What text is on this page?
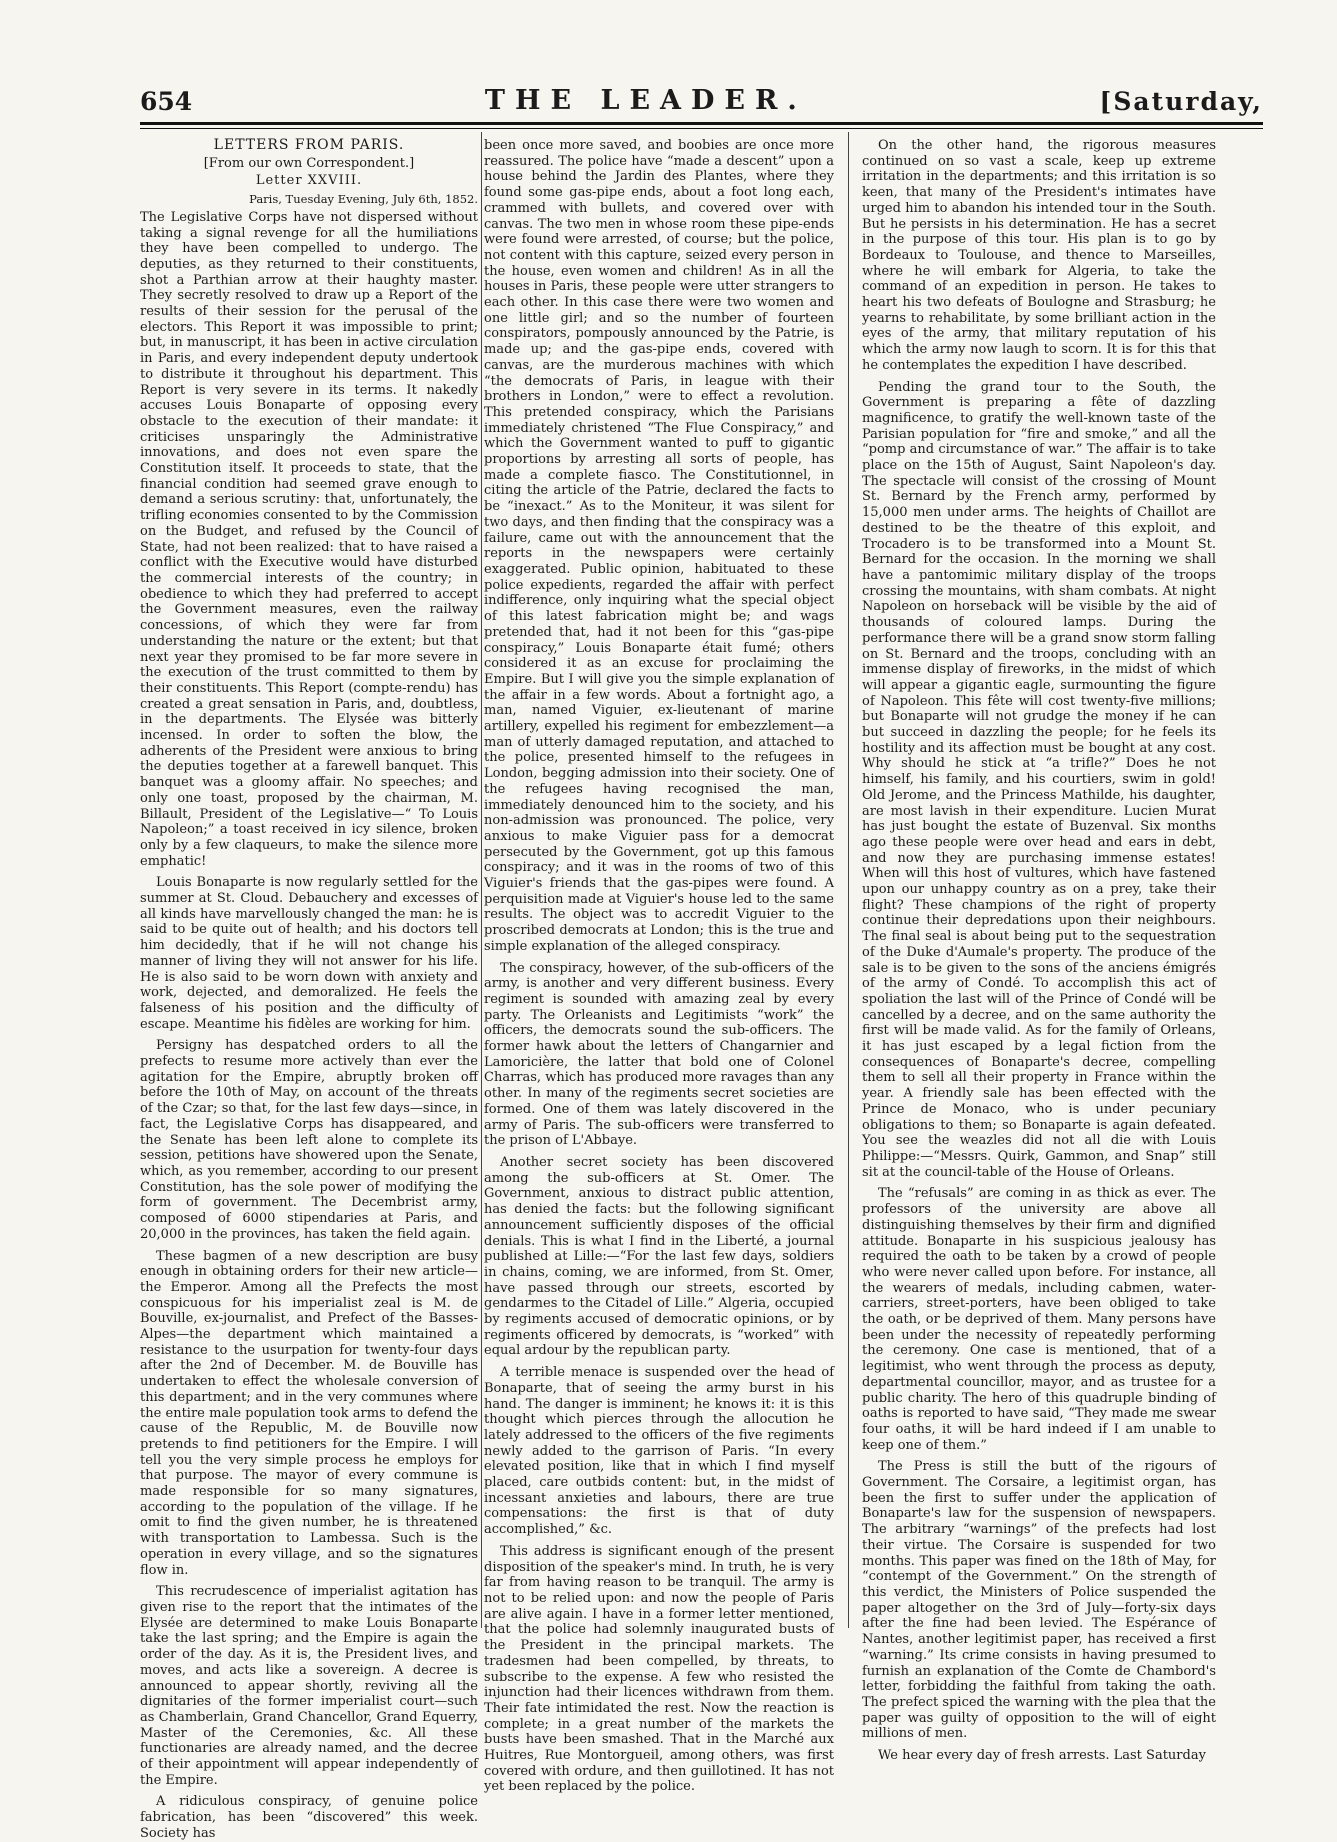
654	THE LEADER.	[Saturday,
LETTERS FROM PARIS.
[From our own Correspondent.]
Letter XXVIII.
Paris, Tuesday Evening, July 6th, 1852.

The Legislative Corps have not dispersed without taking a signal revenge for all the humiliations they have been compelled to undergo. The deputies, as they returned to their constituents, shot a Parthian arrow at their haughty master. They secretly resolved to draw up a Report of the results of their session for the perusal of the electors. This Report it was impossible to print; but, in manuscript, it has been in active circulation in Paris, and every independent deputy undertook to distribute it throughout his department. This Report is very severe in its terms. It nakedly accuses Louis Bonaparte of opposing every obstacle to the execution of their mandate: it criticises unsparingly the Administrative innovations, and does not even spare the Constitution itself. It proceeds to state, that the financial condition had seemed grave enough to demand a serious scrutiny: that, unfortunately, the trifling economies consented to by the Commission on the Budget, and refused by the Council of State, had not been realized: that to have raised a conflict with the Executive would have disturbed the commercial interests of the country; in obedience to which they had preferred to accept the Government measures, even the railway concessions, of which they were far from understanding the nature or the extent; but that next year they promised to be far more severe in the execution of the trust committed to them by their constituents. This Report (compte-rendu) has created a great sensation in Paris, and, doubtless, in the departments. The Elysée was bitterly incensed. In order to soften the blow, the adherents of the President were anxious to bring the deputies together at a farewell banquet. This banquet was a gloomy affair. No speeches; and only one toast, proposed by the chairman, M. Billault, President of the Legislative—“ To Louis Napoleon;” a toast received in icy silence, broken only by a few claqueurs, to make the silence more emphatic!

Louis Bonaparte is now regularly settled for the summer at St. Cloud. Debauchery and excesses of all kinds have marvellously changed the man: he is said to be quite out of health; and his doctors tell him decidedly, that if he will not change his manner of living they will not answer for his life. He is also said to be worn down with anxiety and work, dejected, and demoralized. He feels the falseness of his position and the difficulty of escape. Meantime his fidèles are working for him.

Persigny has despatched orders to all the prefects to resume more actively than ever the agitation for the Empire, abruptly broken off before the 10th of May, on account of the threats of the Czar; so that, for the last few days—since, in fact, the Legislative Corps has disappeared, and the Senate has been left alone to complete its session, petitions have showered upon the Senate, which, as you remember, according to our present Constitution, has the sole power of modifying the form of government. The Decembrist army, composed of 6000 stipendaries at Paris, and 20,000 in the provinces, has taken the field again.

These bagmen of a new description are busy enough in obtaining orders for their new article—the Emperor. Among all the Prefects the most conspicuous for his imperialist zeal is M. de Bouville, ex-journalist, and Prefect of the Basses-Alpes—the department which maintained a resistance to the usurpation for twenty-four days after the 2nd of December. M. de Bouville has undertaken to effect the wholesale conversion of this department; and in the very communes where the entire male population took arms to defend the cause of the Republic, M. de Bouville now pretends to find petitioners for the Empire. I will tell you the very simple process he employs for that purpose. The mayor of every commune is made responsible for so many signatures, according to the population of the village. If he omit to find the given number, he is threatened with transportation to Lambessa. Such is the operation in every village, and so the signatures flow in.

This recrudescence of imperialist agitation has given rise to the report that the intimates of the Elysée are determined to make Louis Bonaparte take the last spring; and the Empire is again the order of the day. As it is, the President lives, and moves, and acts like a sovereign. A decree is announced to appear shortly, reviving all the dignitaries of the former imperialist court—such as Chamberlain, Grand Chancellor, Grand Equerry, Master of the Ceremonies, &c. All these functionaries are already named, and the decree of their appointment will appear independently of the Empire.

A ridiculous conspiracy, of genuine police fabrication, has been “discovered” this week. Society has

been once more saved, and boobies are once more reassured. The police have “made a descent” upon a house behind the Jardin des Plantes, where they found some gas-pipe ends, about a foot long each, crammed with bullets, and covered over with canvas. The two men in whose room these pipe-ends were found were arrested, of course; but the police, not content with this capture, seized every person in the house, even women and children! As in all the houses in Paris, these people were utter strangers to each other. In this case there were two women and one little girl; and so the number of fourteen conspirators, pompously announced by the Patrie, is made up; and the gas-pipe ends, covered with canvas, are the murderous machines with which “the democrats of Paris, in league with their brothers in London,” were to effect a revolution. This pretended conspiracy, which the Parisians immediately christened “The Flue Conspiracy,” and which the Government wanted to puff to gigantic proportions by arresting all sorts of people, has made a complete fiasco. The Constitutionnel, in citing the article of the Patrie, declared the facts to be “inexact.” As to the Moniteur, it was silent for two days, and then finding that the conspiracy was a failure, came out with the announcement that the reports in the newspapers were certainly exaggerated. Public opinion, habituated to these police expedients, regarded the affair with perfect indifference, only inquiring what the special object of this latest fabrication might be; and wags pretended that, had it not been for this “gas-pipe conspiracy,” Louis Bonaparte était fumé; others considered it as an excuse for proclaiming the Empire. But I will give you the simple explanation of the affair in a few words. About a fortnight ago, a man, named Viguier, ex-lieutenant of marine artillery, expelled his regiment for embezzlement—a man of utterly damaged reputation, and attached to the police, presented himself to the refugees in London, begging admission into their society. One of the refugees having recognised the man, immediately denounced him to the society, and his non-admission was pronounced. The police, very anxious to make Viguier pass for a democrat persecuted by the Government, got up this famous conspiracy; and it was in the rooms of two of this Viguier's friends that the gas-pipes were found. A perquisition made at Viguier's house led to the same results. The object was to accredit Viguier to the proscribed democrats at London; this is the true and simple explanation of the alleged conspiracy.

The conspiracy, however, of the sub-officers of the army, is another and very different business. Every regiment is sounded with amazing zeal by every party. The Orleanists and Legitimists “work” the officers, the democrats sound the sub-officers. The former hawk about the letters of Changarnier and Lamoricière, the latter that bold one of Colonel Charras, which has produced more ravages than any other. In many of the regiments secret societies are formed. One of them was lately discovered in the army of Paris. The sub-officers were transferred to the prison of L'Abbaye.

Another secret society has been discovered among the sub-officers at St. Omer. The Government, anxious to distract public attention, has denied the facts: but the following significant announcement sufficiently disposes of the official denials. This is what I find in the Liberté, a journal published at Lille:—“For the last few days, soldiers in chains, coming, we are informed, from St. Omer, have passed through our streets, escorted by gendarmes to the Citadel of Lille.” Algeria, occupied by regiments accused of democratic opinions, or by regiments officered by democrats, is “worked” with equal ardour by the republican party.

A terrible menace is suspended over the head of Bonaparte, that of seeing the army burst in his hand. The danger is imminent; he knows it: it is this thought which pierces through the allocution he lately addressed to the officers of the five regiments newly added to the garrison of Paris. “In every elevated position, like that in which I find myself placed, care outbids content: but, in the midst of incessant anxieties and labours, there are true compensations: the first is that of duty accomplished,” &c.

This address is significant enough of the present disposition of the speaker's mind. In truth, he is very far from having reason to be tranquil. The army is not to be relied upon: and now the people of Paris are alive again. I have in a former letter mentioned, that the police had solemnly inaugurated busts of the President in the principal markets. The tradesmen had been compelled, by threats, to subscribe to the expense. A few who resisted the injunction had their licences withdrawn from them. Their fate intimidated the rest. Now the reaction is complete; in a great number of the markets the busts have been smashed. That in the Marché aux Huitres, Rue Montorgueil, among others, was first covered with ordure, and then guillotined. It has not yet been replaced by the police.

On the other hand, the rigorous measures continued on so vast a scale, keep up extreme irritation in the departments; and this irritation is so keen, that many of the President's intimates have urged him to abandon his intended tour in the South. But he persists in his determination. He has a secret in the purpose of this tour. His plan is to go by Bordeaux to Toulouse, and thence to Marseilles, where he will embark for Algeria, to take the command of an expedition in person. He takes to heart his two defeats of Boulogne and Strasburg; he yearns to rehabilitate, by some brilliant action in the eyes of the army, that military reputation of his which the army now laugh to scorn. It is for this that he contemplates the expedition I have described.

Pending the grand tour to the South, the Government is preparing a fête of dazzling magnificence, to gratify the well-known taste of the Parisian population for “fire and smoke,” and all the “pomp and circumstance of war.” The affair is to take place on the 15th of August, Saint Napoleon's day. The spectacle will consist of the crossing of Mount St. Bernard by the French army, performed by 15,000 men under arms. The heights of Chaillot are destined to be the theatre of this exploit, and Trocadero is to be transformed into a Mount St. Bernard for the occasion. In the morning we shall have a pantomimic military display of the troops crossing the mountains, with sham combats. At night Napoleon on horseback will be visible by the aid of thousands of coloured lamps. During the performance there will be a grand snow storm falling on St. Bernard and the troops, concluding with an immense display of fireworks, in the midst of which will appear a gigantic eagle, surmounting the figure of Napoleon. This fête will cost twenty-five millions; but Bonaparte will not grudge the money if he can but succeed in dazzling the people; for he feels its hostility and its affection must be bought at any cost. Why should he stick at “a trifle?” Does he not himself, his family, and his courtiers, swim in gold! Old Jerome, and the Princess Mathilde, his daughter, are most lavish in their expenditure. Lucien Murat has just bought the estate of Buzenval. Six months ago these people were over head and ears in debt, and now they are purchasing immense estates! When will this host of vultures, which have fastened upon our unhappy country as on a prey, take their flight? These champions of the right of property continue their depredations upon their neighbours. The final seal is about being put to the sequestration of the Duke d'Aumale's property. The produce of the sale is to be given to the sons of the anciens émigrés of the army of Condé. To accomplish this act of spoliation the last will of the Prince of Condé will be cancelled by a decree, and on the same authority the first will be made valid. As for the family of Orleans, it has just escaped by a legal fiction from the consequences of Bonaparte's decree, compelling them to sell all their property in France within the year. A friendly sale has been effected with the Prince de Monaco, who is under pecuniary obligations to them; so Bonaparte is again defeated. You see the weazles did not all die with Louis Philippe:—“Messrs. Quirk, Gammon, and Snap” still sit at the council-table of the House of Orleans.

The “refusals” are coming in as thick as ever. The professors of the university are above all distinguishing themselves by their firm and dignified attitude. Bonaparte in his suspicious jealousy has required the oath to be taken by a crowd of people who were never called upon before. For instance, all the wearers of medals, including cabmen, water-carriers, street-porters, have been obliged to take the oath, or be deprived of them. Many persons have been under the necessity of repeatedly performing the ceremony. One case is mentioned, that of a legitimist, who went through the process as deputy, departmental councillor, mayor, and as trustee for a public charity. The hero of this quadruple binding of oaths is reported to have said, “They made me swear four oaths, it will be hard indeed if I am unable to keep one of them.”

The Press is still the butt of the rigours of Government. The Corsaire, a legitimist organ, has been the first to suffer under the application of Bonaparte's law for the suspension of newspapers. The arbitrary “warnings” of the prefects had lost their virtue. The Corsaire is suspended for two months. This paper was fined on the 18th of May, for “contempt of the Government.” On the strength of this verdict, the Ministers of Police suspended the paper altogether on the 3rd of July—forty-six days after the fine had been levied. The Espérance of Nantes, another legitimist paper, has received a first “warning.” Its crime consists in having presumed to furnish an explanation of the Comte de Chambord's letter, forbidding the faithful from taking the oath. The prefect spiced the warning with the plea that the paper was guilty of opposition to the will of eight millions of men.

We hear every day of fresh arrests. Last Saturday
